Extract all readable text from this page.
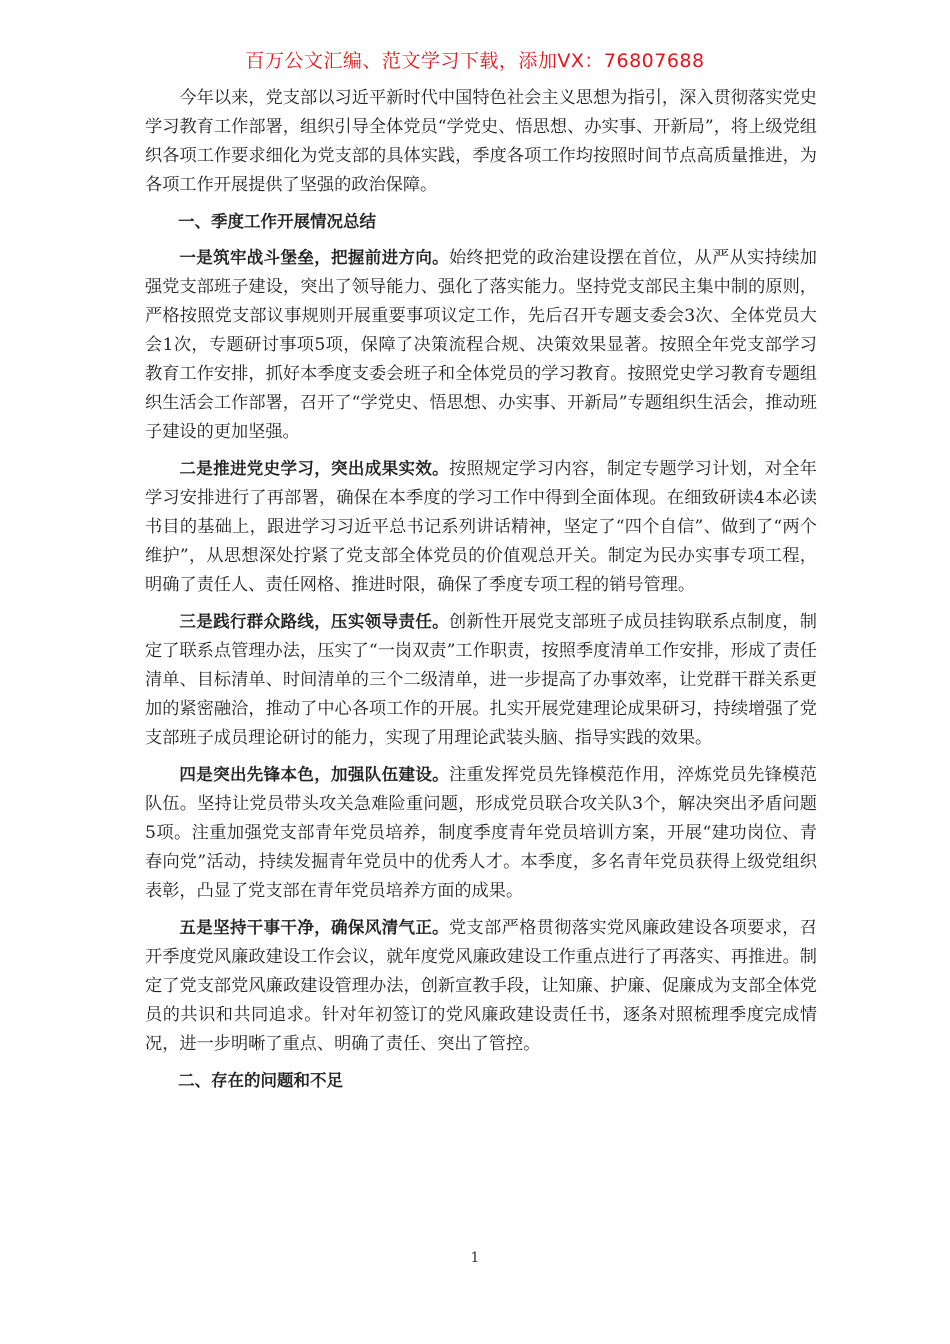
百万公文汇编、范文学习下载，添加VX：76807688

今年以来，党支部以习近平新时代中国特色社会主义思想为指引，深入贯彻落实党史学习教育工作部署，组织引导全体党员“学党史、悟思想、办实事、开新局”，将上级党组织各项工作要求细化为党支部的具体实践，季度各项工作均按照时间节点高质量推进，为各项工作开展提供了坚强的政治保障。

一、季度工作开展情况总结

一是筑牢战斗堡垒，把握前进方向。始终把党的政治建设摆在首位，从严从实持续加强党支部班子建设，突出了领导能力、强化了落实能力。坚持党支部民主集中制的原则，严格按照党支部议事规则开展重要事项议定工作，先后召开专题支委会3次、全体党员大会1次，专题研讨事项5项，保障了决策流程合规、决策效果显著。按照全年党支部学习教育工作安排，抓好本季度支委会班子和全体党员的学习教育。按照党史学习教育专题组织生活会工作部署，召开了“学党史、悟思想、办实事、开新局”专题组织生活会，推动班子建设的更加坚强。

二是推进党史学习，突出成果实效。按照规定学习内容，制定专题学习计划，对全年学习安排进行了再部署，确保在本季度的学习工作中得到全面体现。在细致研读4本必读书目的基础上，跟进学习习近平总书记系列讲话精神，坚定了“四个自信”、做到了“两个维护”，从思想深处拧紧了党支部全体党员的价值观总开关。制定为民办实事专项工程，明确了责任人、责任网格、推进时限，确保了季度专项工程的销号管理。

三是践行群众路线，压实领导责任。创新性开展党支部班子成员挂钩联系点制度，制定了联系点管理办法，压实了“一岗双责”工作职责，按照季度清单工作安排，形成了责任清单、目标清单、时间清单的三个二级清单，进一步提高了办事效率，让党群干群关系更加的紧密融洽，推动了中心各项工作的开展。扎实开展党建理论成果研习，持续增强了党支部班子成员理论研讨的能力，实现了用理论武装头脑、指导实践的效果。

四是突出先锋本色，加强队伍建设。注重发挥党员先锋模范作用，淬炼党员先锋模范队伍。坚持让党员带头攻关急难险重问题，形成党员联合攻关队3个，解决突出矛盾问题5项。注重加强党支部青年党员培养，制度季度青年党员培训方案，开展“建功岗位、青春向党”活动，持续发掘青年党员中的优秀人才。本季度，多名青年党员获得上级党组织表彰，凸显了党支部在青年党员培养方面的成果。

五是坚持干事干净，确保风清气正。党支部严格贯彻落实党风廉政建设各项要求，召开季度党风廉政建设工作会议，就年度党风廉政建设工作重点进行了再落实、再推进。制定了党支部党风廉政建设管理办法，创新宣教手段，让知廉、护廉、促廉成为支部全体党员的共识和共同追求。针对年初签订的党风廉政建设责任书，逐条对照梳理季度完成情况，进一步明晰了重点、明确了责任、突出了管控。

二、存在的问题和不足

1
